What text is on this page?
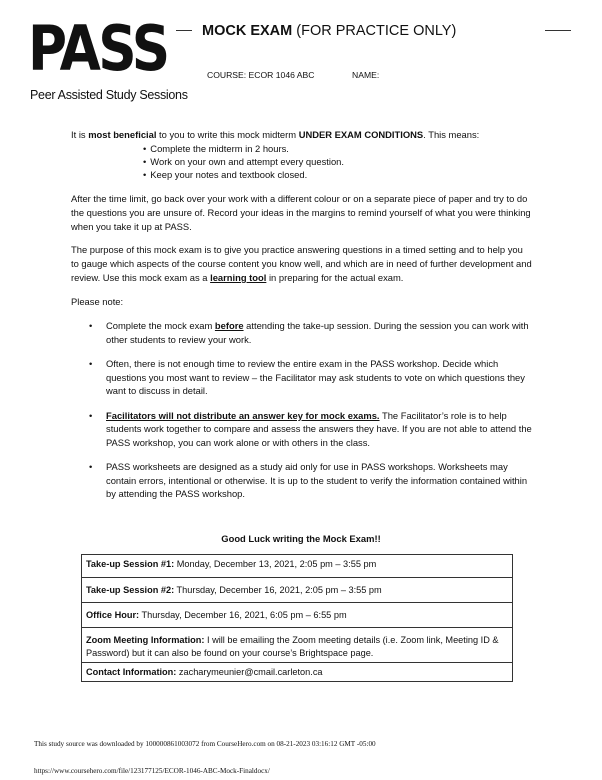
PASS
Peer Assisted Study Sessions
MOCK EXAM (FOR PRACTICE ONLY)
COURSE: ECOR 1046 ABC	NAME:

It is most beneficial to you to write this mock midterm UNDER EXAM CONDITIONS. This means:

• Complete the midterm in 2 hours.
• Work on your own and attempt every question.
• Keep your notes and textbook closed.

After the time limit, go back over your work with a different colour or on a separate piece of paper and try to do the questions you are unsure of. Record your ideas in the margins to remind yourself of what you were thinking when you take it up at PASS.

The purpose of this mock exam is to give you practice answering questions in a timed setting and to help you to gauge which aspects of the course content you know well, and which are in need of further development and review. Use this mock exam as a learning tool in preparing for the actual exam.

Please note:

• Complete the mock exam before attending the take-up session. During the session you can work with other students to review your work.
• Often, there is not enough time to review the entire exam in the PASS workshop. Decide which questions you most want to review – the Facilitator may ask students to vote on which questions they want to discuss in detail.
• Facilitators will not distribute an answer key for mock exams. The Facilitator’s role is to help students work together to compare and assess the answers they have. If you are not able to attend the PASS workshop, you can work alone or with others in the class.
• PASS worksheets are designed as a study aid only for use in PASS workshops. Worksheets may contain errors, intentional or otherwise. It is up to the student to verify the information contained within by attending the PASS workshop.
Good Luck writing the Mock Exam!!
Take-up Session #1: Monday, December 13, 2021, 2:05 pm – 3:55 pm
Take-up Session #2: Thursday, December 16, 2021, 2:05 pm – 3:55 pm
Office Hour: Thursday, December 16, 2021, 6:05 pm – 6:55 pm
Zoom Meeting Information: I will be emailing the Zoom meeting details (i.e. Zoom link, Meeting ID & Password) but it can also be found on your course’s Brightspace page.
Contact Information: zacharymeunier@cmail.carleton.ca
This study source was downloaded by 100000861003072 from CourseHero.com on 08-21-2023 03:16:12 GMT -05:00
https://www.coursehero.com/file/123177125/ECOR-1046-ABC-Mock-Finaldocx/
